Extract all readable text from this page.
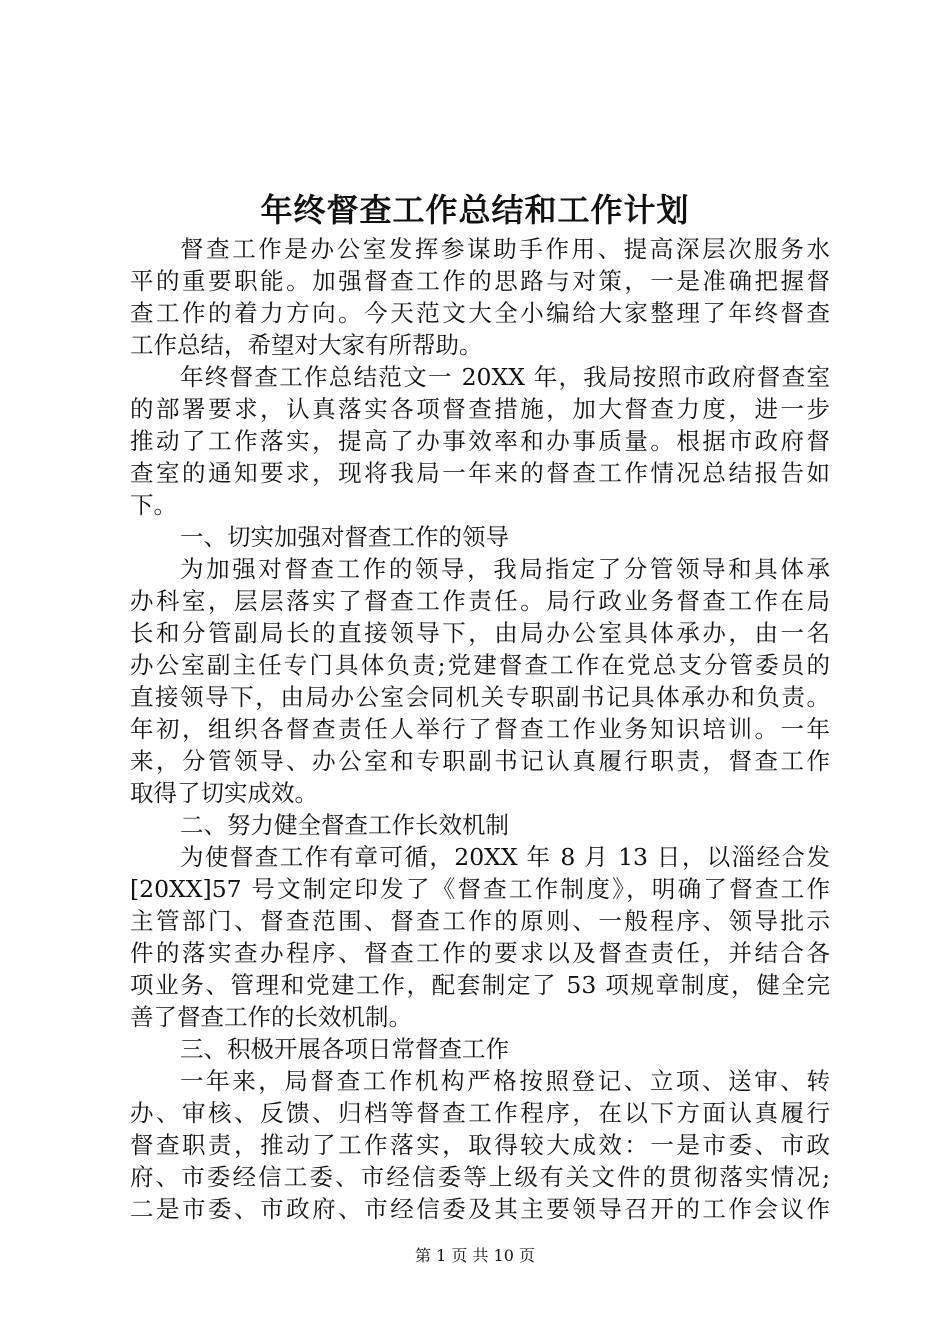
年终督查工作总结和工作计划
督查工作是办公室发挥参谋助手作用、提高深层次服务水
平的重要职能。加强督查工作的思路与对策，一是准确把握督
查工作的着力方向。今天范文大全小编给大家整理了年终督查
工作总结，希望对大家有所帮助。
年终督查工作总结范文一 20XX 年，我局按照市政府督查室
的部署要求，认真落实各项督查措施，加大督查力度，进一步
推动了工作落实，提高了办事效率和办事质量。根据市政府督
查室的通知要求，现将我局一年来的督查工作情况总结报告如
下。
一、切实加强对督查工作的领导
为加强对督查工作的领导，我局指定了分管领导和具体承
办科室，层层落实了督查工作责任。局行政业务督查工作在局
长和分管副局长的直接领导下，由局办公室具体承办，由一名
办公室副主任专门具体负责;党建督查工作在党总支分管委员的
直接领导下，由局办公室会同机关专职副书记具体承办和负责。
年初，组织各督查责任人举行了督查工作业务知识培训。一年
来，分管领导、办公室和专职副书记认真履行职责，督查工作
取得了切实成效。
二、努力健全督查工作长效机制
为使督查工作有章可循，20XX 年 8 月 13 日，以淄经合发
[20XX]57 号文制定印发了《督查工作制度》，明确了督查工作
主管部门、督查范围、督查工作的原则、一般程序、领导批示
件的落实查办程序、督查工作的要求以及督查责任，并结合各
项业务、管理和党建工作，配套制定了 53 项规章制度，健全完
善了督查工作的长效机制。
三、积极开展各项日常督查工作
一年来，局督查工作机构严格按照登记、立项、送审、转
办、审核、反馈、归档等督查工作程序，在以下方面认真履行
督查职责，推动了工作落实，取得较大成效：一是市委、市政
府、市委经信工委、市经信委等上级有关文件的贯彻落实情况;
二是市委、市政府、市经信委及其主要领导召开的工作会议作
第 1 页 共 10 页
